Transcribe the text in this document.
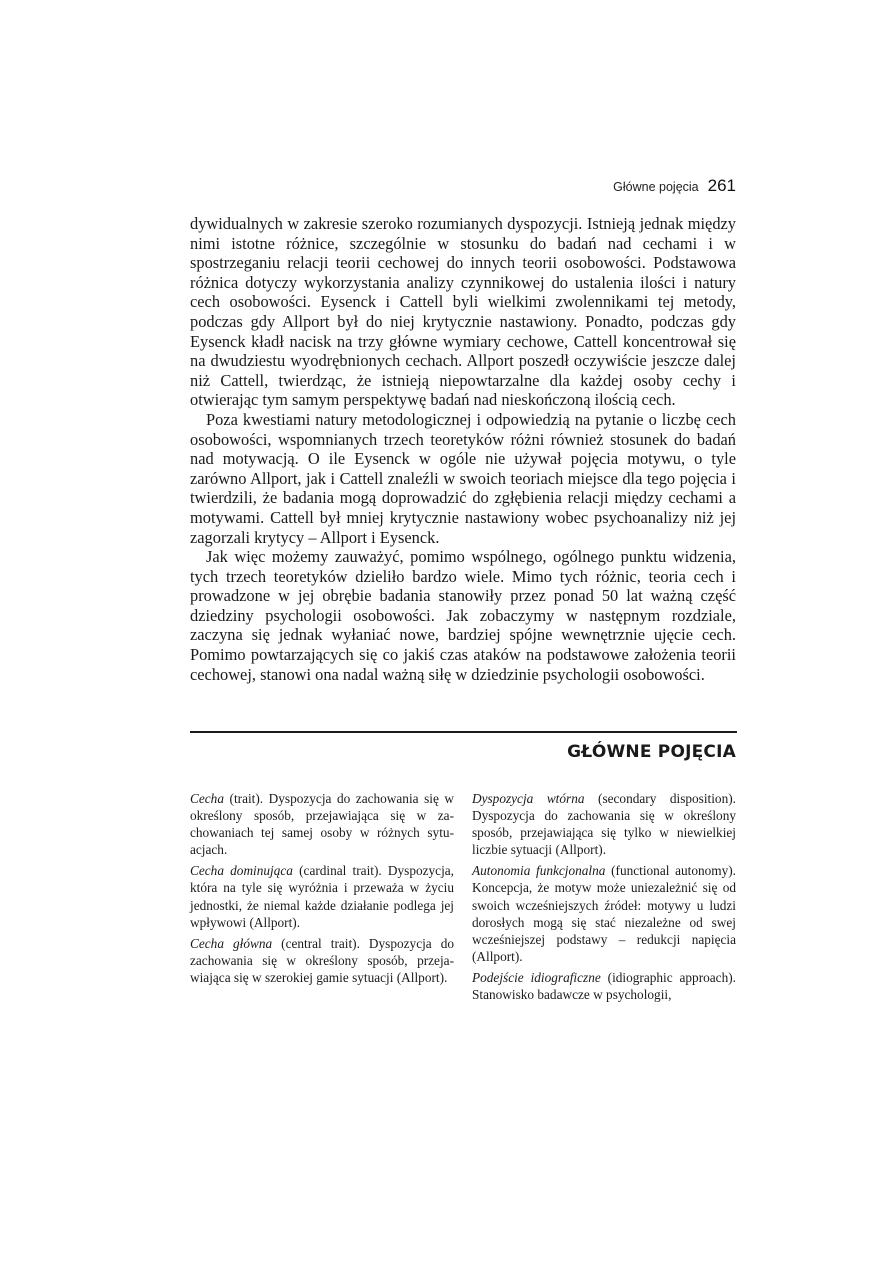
Główne pojęcia 261

dywidualnych w zakresie szeroko rozumianych dyspozycji. Istnieją jednak między nimi istotne różnice, szczególnie w stosunku do badań nad cechami i w spostrzeganiu relacji teorii cechowej do innych teorii osobowości. Podstawowa różnica dotyczy wykorzystania analizy czynnikowej do ustalenia ilości i natury cech osobowości. Eysenck i Cattell byli wielkimi zwolennikami tej metody, podczas gdy Allport był do niej krytycznie nastawiony. Ponadto, podczas gdy Eysenck kładł nacisk na trzy główne wymiary cechowe, Cattell koncentrował się na dwudziestu wyodrębnionych cechach. Allport poszedł oczywiście jeszcze dalej niż Cattell, twierdząc, że istnieją niepowtarzalne dla każdej osoby cechy i otwierając tym samym perspektywę badań nad nieskończoną ilością cech.

Poza kwestiami natury metodologicznej i odpowiedzią na pytanie o liczbę cech osobowości, wspomnianych trzech teoretyków różni również stosunek do badań nad motywacją. O ile Eysenck w ogóle nie używał pojęcia motywu, o tyle zarówno Allport, jak i Cattell znaleźli w swoich teoriach miejsce dla tego pojęcia i twierdzili, że badania mogą doprowadzić do zgłębienia relacji między cechami a motywami. Cattell był mniej krytycznie nastawiony wobec psychoanalizy niż jej zagorzali krytycy – Allport i Eysenck.

Jak więc możemy zauważyć, pomimo wspólnego, ogólnego punktu widzenia, tych trzech teoretyków dzieliło bardzo wiele. Mimo tych różnic, teoria cech i prowadzone w jej obrębie badania stanowiły przez ponad 50 lat ważną część dziedziny psychologii osobowości. Jak zobaczymy w następnym rozdziale, zaczyna się jednak wyłaniać nowe, bardziej spójne wewnętrznie ujęcie cech. Pomimo powtarzających się co jakiś czas ataków na podstawowe założenia teorii cechowej, stanowi ona nadal ważną siłę w dziedzinie psychologii osobowości.

GŁÓWNE POJĘCIA

Cecha (trait). Dyspozycja do zachowania się w określony sposób, przejawiająca się w zachowaniach tej samej osoby w różnych sytuacjach.

Cecha dominująca (cardinal trait). Dyspozycja, która na tyle się wyróżnia i przeważa w życiu jednostki, że niemal każde działanie podlega jej wpływowi (Allport).

Cecha główna (central trait). Dyspozycja do zachowania się w określony sposób, przejawiająca się w szerokiej gamie sytuacji (Allport).

Dyspozycja wtórna (secondary disposition). Dyspozycja do zachowania się w określony sposób, przejawiająca się tylko w niewielkiej liczbie sytuacji (Allport).

Autonomia funkcjonalna (functional autonomy). Koncepcja, że motyw może uniezależnić się od swoich wcześniejszych źródeł: motywy u ludzi dorosłych mogą się stać niezależne od swej wcześniejszej podstawy – redukcji napięcia (Allport).

Podejście idiograficzne (idiographic approach). Stanowisko badawcze w psychologii,
